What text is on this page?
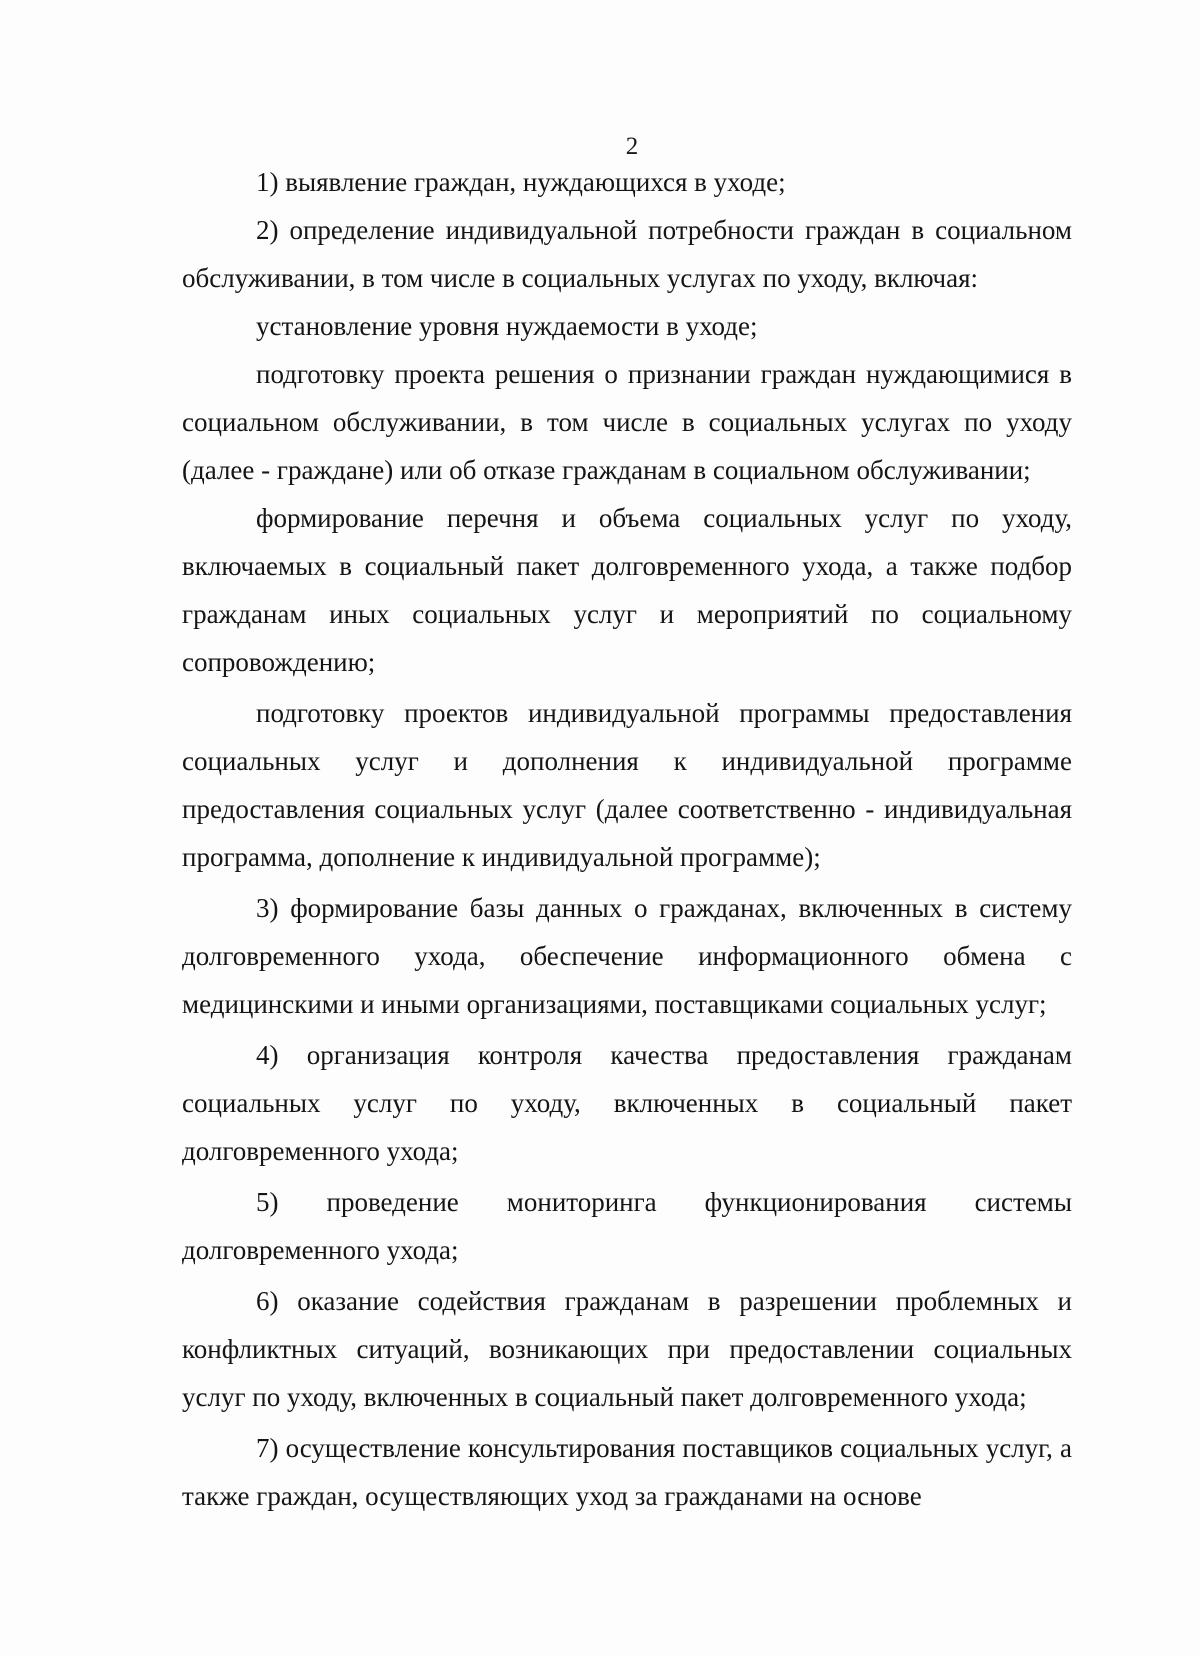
2

1) выявление граждан, нуждающихся в уходе;

2) определение индивидуальной потребности граждан в социальном обслуживании, в том числе в социальных услугах по уходу, включая:

установление уровня нуждаемости в уходе;

подготовку проекта решения о признании граждан нуждающимися в социальном обслуживании, в том числе в социальных услугах по уходу (далее - граждане) или об отказе гражданам в социальном обслуживании;

формирование перечня и объема социальных услуг по уходу, включаемых в социальный пакет долговременного ухода, а также подбор гражданам иных социальных услуг и мероприятий по социальному сопровождению;

подготовку проектов индивидуальной программы предоставления социальных услуг и дополнения к индивидуальной программе предоставления социальных услуг (далее соответственно - индивидуальная программа, дополнение к индивидуальной программе);

3) формирование базы данных о гражданах, включенных в систему долговременного ухода, обеспечение информационного обмена с медицинскими и иными организациями, поставщиками социальных услуг;

4) организация контроля качества предоставления гражданам социальных услуг по уходу, включенных в социальный пакет долговременного ухода;

5) проведение мониторинга функционирования системы долговременного ухода;

6) оказание содействия гражданам в разрешении проблемных и конфликтных ситуаций, возникающих при предоставлении социальных услуг по уходу, включенных в социальный пакет долговременного ухода;

7) осуществление консультирования поставщиков социальных услуг, а также граждан, осуществляющих уход за гражданами на основе
